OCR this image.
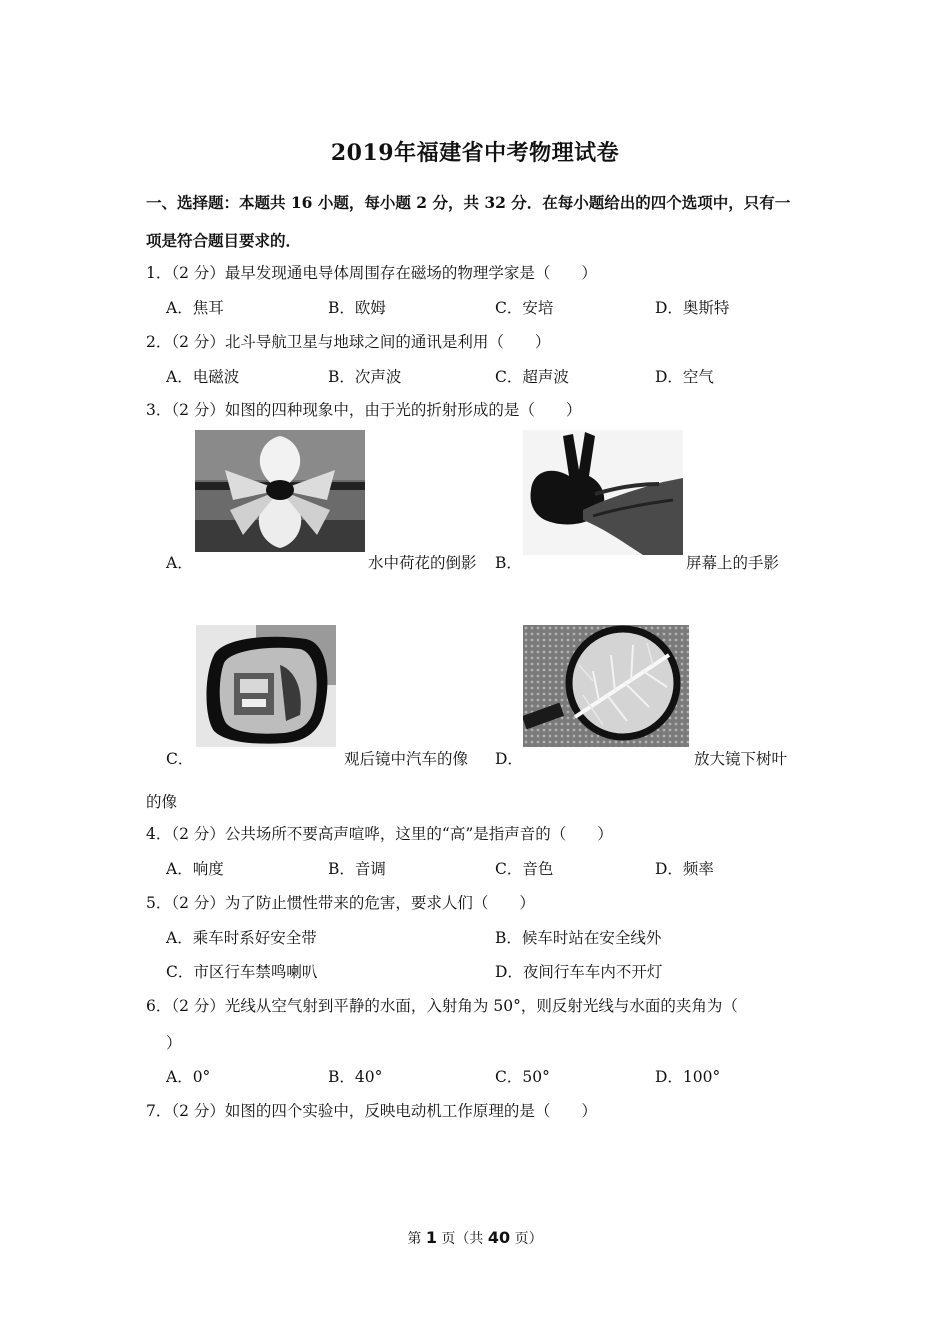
2019年福建省中考物理试卷
一、选择题：本题共 16 小题，每小题 2 分，共 32 分．在每小题给出的四个选项中，只有一
项是符合题目要求的．
1．（2 分）最早发现通电导体周围存在磁场的物理学家是（　　）
A．焦耳	B．欧姆	C．安培	D．奥斯特
2．（2 分）北斗导航卫星与地球之间的通讯是利用（　　）
A．电磁波	B．次声波	C．超声波	D．空气
3．（2 分）如图的四种现象中，由于光的折射形成的是（　　）
A．	水中荷花的倒影 B．	屏幕上的手影
C．	观后镜中汽车的像 D．	放大镜下树叶
的像
4．（2 分）公共场所不要高声喧哗，这里的“高”是指声音的（　　）
A．响度	B．音调	C．音色	D．频率
5．（2 分）为了防止惯性带来的危害，要求人们（　　）
A．乘车时系好安全带	B．候车时站在安全线外
C．市区行车禁鸣喇叭	D．夜间行车车内不开灯
6．（2 分）光线从空气射到平静的水面，入射角为 50°，则反射光线与水面的夹角为（
）
A．0°	B．40°	C．50°	D．100°
7．（2 分）如图的四个实验中，反映电动机工作原理的是（　　）
第 1 页（共 40 页）
